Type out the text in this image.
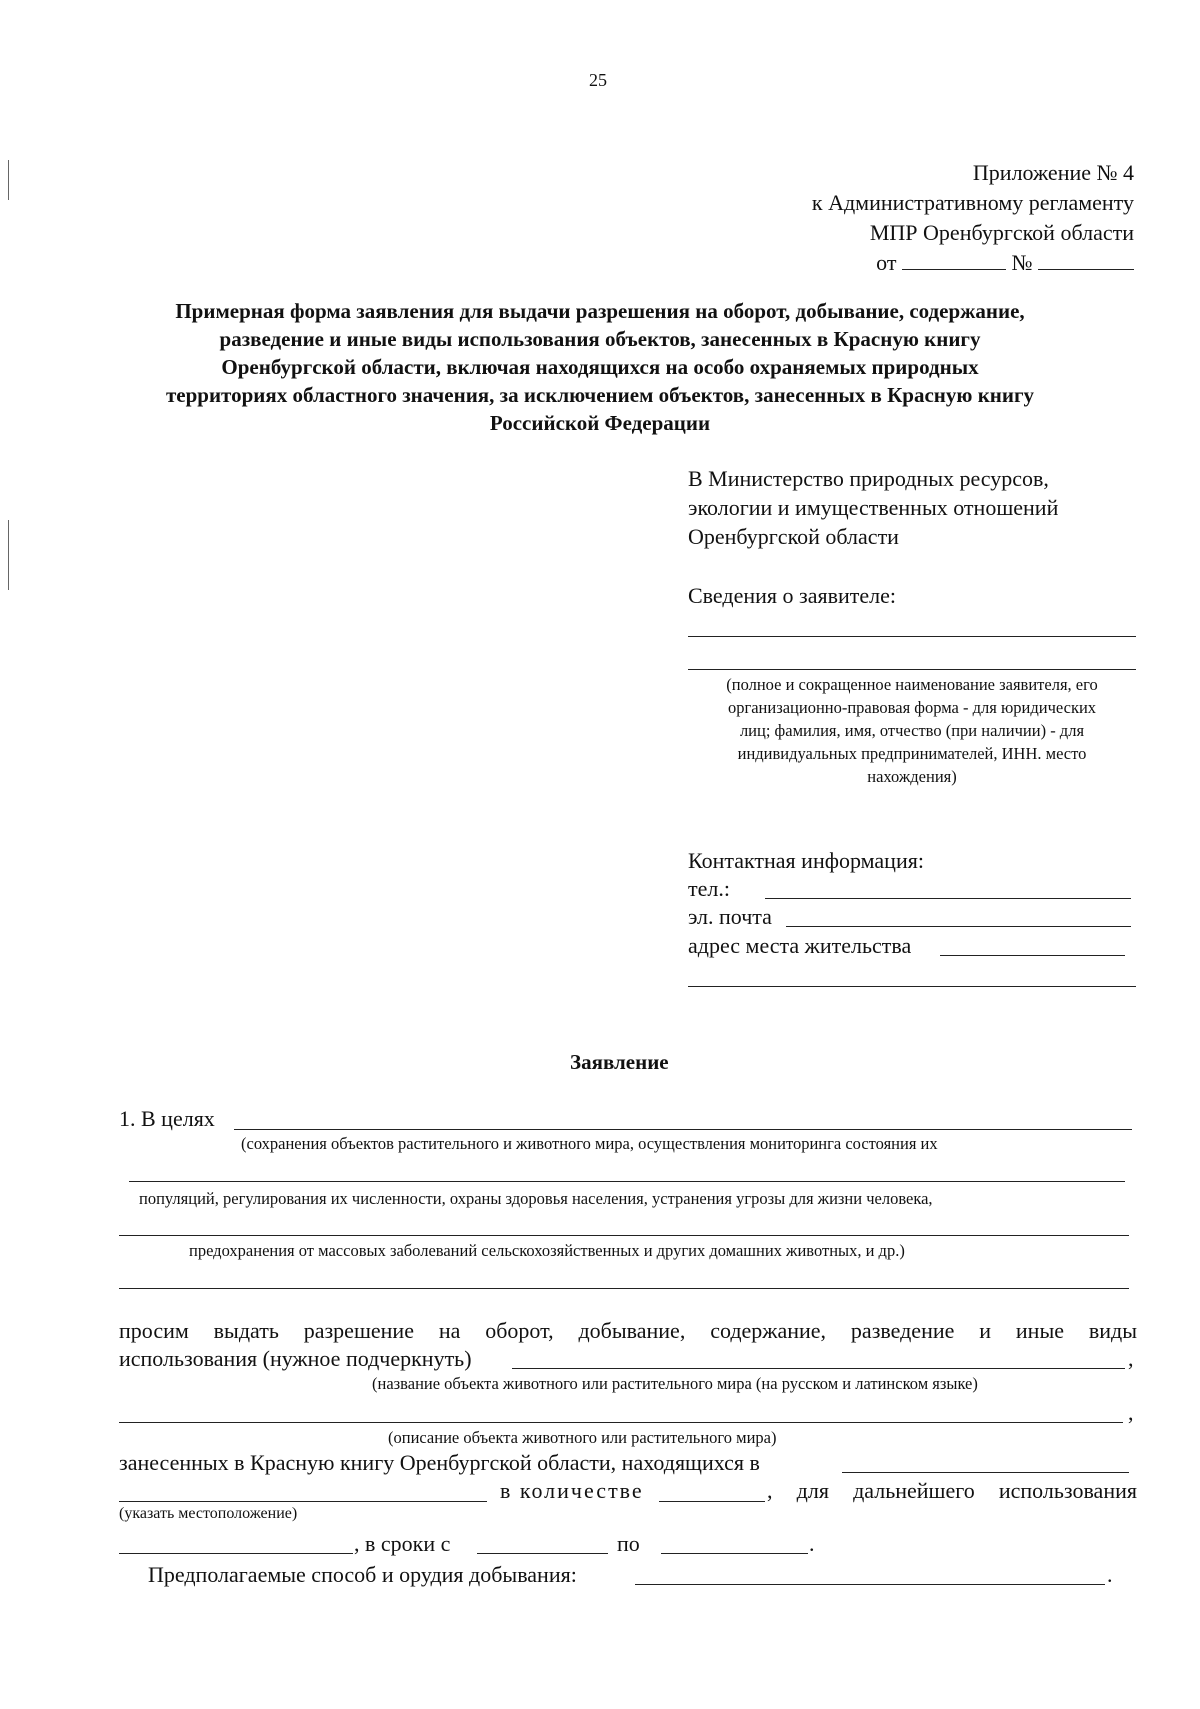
25
Приложение № 4
к Административному регламенту
МПР Оренбургской области
от	№
Примерная форма заявления для выдачи разрешения на оборот, добывание, содержание,
разведение и иные виды использования объектов, занесенных в Красную книгу
Оренбургской области, включая находящихся на особо охраняемых природных
территориях областного значения, за исключением объектов, занесенных в Красную книгу
Российской Федерации
В Министерство природных ресурсов,
экологии и имущественных отношений
Оренбургской области
Сведения о заявителе:
(полное и сокращенное наименование заявителя, его
организационно-правовая форма - для юридических
лиц; фамилия, имя, отчество (при наличии) - для
индивидуальных предпринимателей, ИНН. место
нахождения)
Контактная информация:
тел.:
эл. почта
адрес места жительства
Заявление
1. В целях
(сохранения объектов растительного и животного мира, осуществления мониторинга состояния их
популяций, регулирования их численности, охраны здоровья населения, устранения угрозы для жизни человека,
предохранения от массовых заболеваний сельскохозяйственных и других домашних животных, и др.)
просим выдать разрешение на оборот, добывание, содержание, разведение и иные виды
использования (нужное подчеркнуть)	,
(название объекта животного или растительного мира (на русском и латинском языке)
,
(описание объекта животного или растительного мира)
занесенных в Красную книгу Оренбургской области, находящихся в
в количестве	, для дальнейшего использования
(указать местоположение)
, в сроки с	по	.
Предполагаемые способ и орудия добывания:	.
